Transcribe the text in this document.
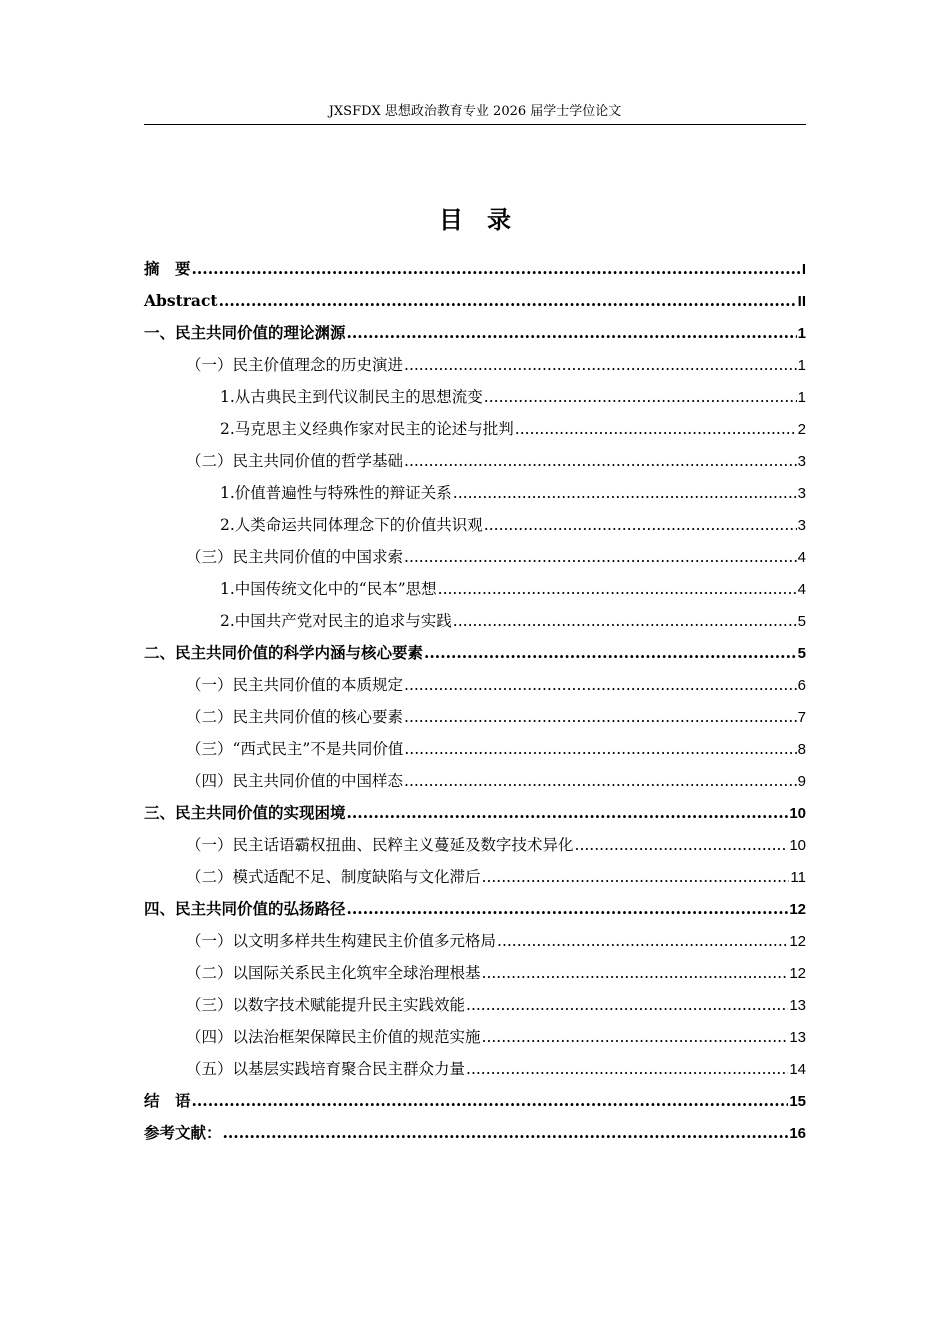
JXSFDX 思想政治教育专业 2026 届学士学位论文
目　录
摘　要 .....	I
Abstract .....	II
一、民主共同价值的理论渊源 .....	1
（一）民主价值理念的历史演进 .....	1
1.从古典民主到代议制民主的思想流变 .....	1
2.马克思主义经典作家对民主的论述与批判 .....	2
（二）民主共同价值的哲学基础 .....	3
1.价值普遍性与特殊性的辩证关系 .....	3
2.人类命运共同体理念下的价值共识观 .....	3
（三）民主共同价值的中国求索 .....	4
1.中国传统文化中的“民本”思想 .....	4
2.中国共产党对民主的追求与实践 .....	5
二、民主共同价值的科学内涵与核心要素 .....	5
（一）民主共同价值的本质规定 .....	6
（二）民主共同价值的核心要素 .....	7
（三）“西式民主”不是共同价值 .....	8
（四）民主共同价值的中国样态 .....	9
三、民主共同价值的实现困境 .....	10
（一）民主话语霸权扭曲、民粹主义蔓延及数字技术异化 .....	10
（二）模式适配不足、制度缺陷与文化滞后 .....	11
四、民主共同价值的弘扬路径 .....	12
（一）以文明多样共生构建民主价值多元格局 .....	12
（二）以国际关系民主化筑牢全球治理根基 .....	12
（三）以数字技术赋能提升民主实践效能 .....	13
（四）以法治框架保障民主价值的规范实施 .....	13
（五）以基层实践培育聚合民主群众力量 .....	14
结　语 .....	15
参考文献： .....	16
